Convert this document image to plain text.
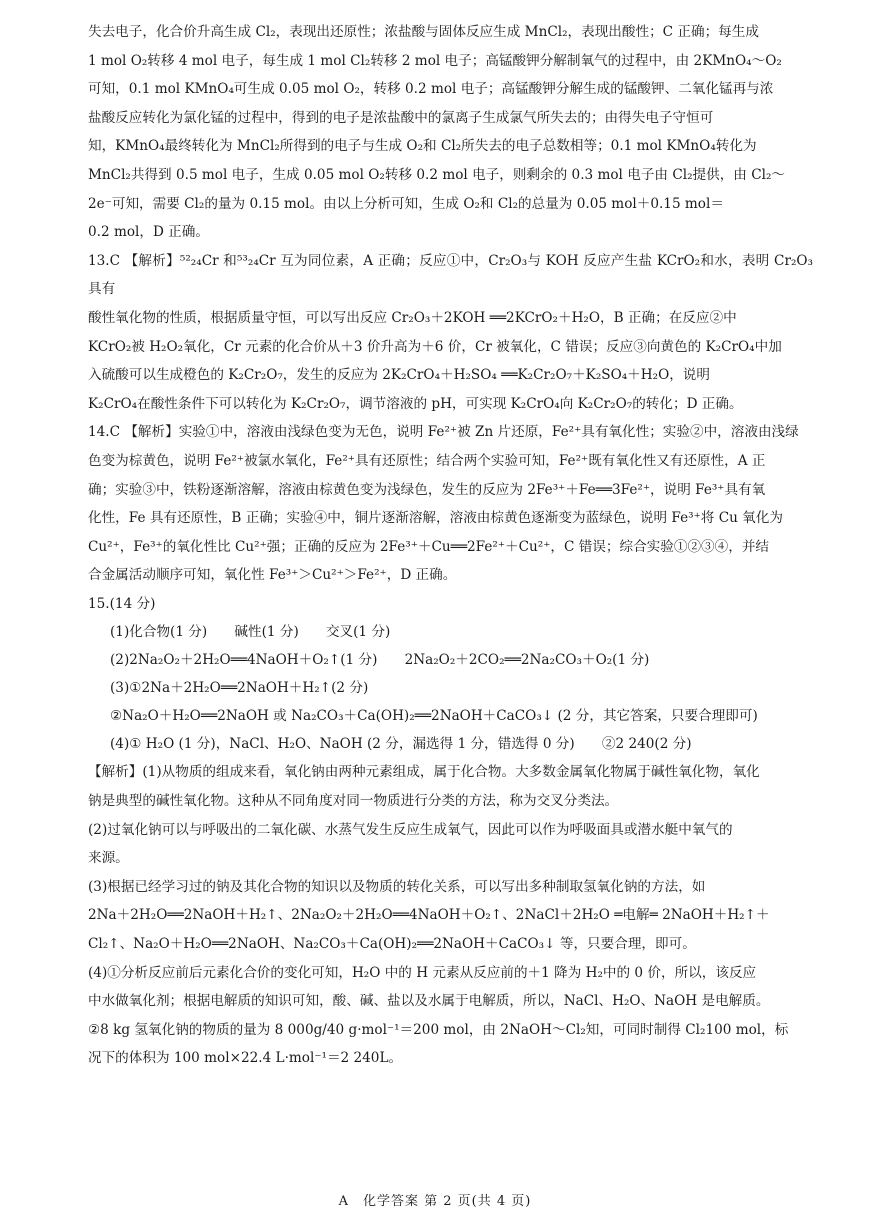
失去电子，化合价升高生成 Cl₂，表现出还原性；浓盐酸与固体反应生成 MnCl₂，表现出酸性；C 正确；每生成

1 mol O₂转移 4 mol 电子，每生成 1 mol Cl₂转移 2 mol 电子；高锰酸钾分解制氧气的过程中，由 2KMnO₄～O₂

可知，0.1 mol KMnO₄可生成 0.05 mol O₂，转移 0.2 mol 电子；高锰酸钾分解生成的锰酸钾、二氧化锰再与浓

盐酸反应转化为氯化锰的过程中，得到的电子是浓盐酸中的氯离子生成氯气所失去的；由得失电子守恒可

知，KMnO₄最终转化为 MnCl₂所得到的电子与生成 O₂和 Cl₂所失去的电子总数相等；0.1 mol KMnO₄转化为

MnCl₂共得到 0.5 mol 电子，生成 0.05 mol O₂转移 0.2 mol 电子，则剩余的 0.3 mol 电子由 Cl₂提供，由 Cl₂～

2e⁻可知，需要 Cl₂的量为 0.15 mol。由以上分析可知，生成 O₂和 Cl₂的总量为 0.05 mol＋0.15 mol＝

0.2 mol，D 正确。

13.C 【解析】⁵²₂₄Cr 和⁵³₂₄Cr 互为同位素，A 正确；反应①中，Cr₂O₃与 KOH 反应产生盐 KCrO₂和水，表明 Cr₂O₃具有

酸性氧化物的性质，根据质量守恒，可以写出反应 Cr₂O₃＋2KOH ══2KCrO₂＋H₂O，B 正确；在反应②中

KCrO₂被 H₂O₂氧化，Cr 元素的化合价从＋3 价升高为＋6 价，Cr 被氧化，C 错误；反应③向黄色的 K₂CrO₄中加

入硫酸可以生成橙色的 K₂Cr₂O₇，发生的反应为 2K₂CrO₄＋H₂SO₄ ══K₂Cr₂O₇＋K₂SO₄＋H₂O，说明

K₂CrO₄在酸性条件下可以转化为 K₂Cr₂O₇，调节溶液的 pH，可实现 K₂CrO₄向 K₂Cr₂O₇的转化；D 正确。

14.C 【解析】实验①中，溶液由浅绿色变为无色，说明 Fe²⁺被 Zn 片还原，Fe²⁺具有氧化性；实验②中，溶液由浅绿

色变为棕黄色，说明 Fe²⁺被氯水氧化，Fe²⁺具有还原性；结合两个实验可知，Fe²⁺既有氧化性又有还原性，A 正

确；实验③中，铁粉逐渐溶解，溶液由棕黄色变为浅绿色，发生的反应为 2Fe³⁺＋Fe══3Fe²⁺，说明 Fe³⁺具有氧

化性，Fe 具有还原性，B 正确；实验④中，铜片逐渐溶解，溶液由棕黄色逐渐变为蓝绿色，说明 Fe³⁺将 Cu 氧化为

Cu²⁺，Fe³⁺的氧化性比 Cu²⁺强；正确的反应为 2Fe³⁺＋Cu══2Fe²⁺＋Cu²⁺，C 错误；综合实验①②③④，并结

合金属活动顺序可知，氧化性 Fe³⁺＞Cu²⁺＞Fe²⁺，D 正确。

15.(14 分)

(1)化合物(1 分)　　碱性(1 分)　　交叉(1 分)

(2)2Na₂O₂＋2H₂O══4NaOH＋O₂↑(1 分)　　2Na₂O₂＋2CO₂══2Na₂CO₃＋O₂(1 分)

(3)①2Na＋2H₂O══2NaOH＋H₂↑(2 分)

②Na₂O＋H₂O══2NaOH 或 Na₂CO₃＋Ca(OH)₂══2NaOH＋CaCO₃↓ (2 分，其它答案，只要合理即可)

(4)① H₂O (1 分)，NaCl、H₂O、NaOH (2 分，漏选得 1 分，错选得 0 分)　　②2 240(2 分)

【解析】(1)从物质的组成来看，氧化钠由两种元素组成，属于化合物。大多数金属氧化物属于碱性氧化物，氧化

钠是典型的碱性氧化物。这种从不同角度对同一物质进行分类的方法，称为交叉分类法。

(2)过氧化钠可以与呼吸出的二氧化碳、水蒸气发生反应生成氧气，因此可以作为呼吸面具或潜水艇中氧气的

来源。

(3)根据已经学习过的钠及其化合物的知识以及物质的转化关系，可以写出多种制取氢氧化钠的方法，如

2Na＋2H₂O══2NaOH＋H₂↑、2Na₂O₂＋2H₂O══4NaOH＋O₂↑、2NaCl＋2H₂O ═电解═ 2NaOH＋H₂↑＋

Cl₂↑、Na₂O＋H₂O══2NaOH、Na₂CO₃＋Ca(OH)₂══2NaOH＋CaCO₃↓ 等，只要合理，即可。

(4)①分析反应前后元素化合价的变化可知，H₂O 中的 H 元素从反应前的＋1 降为 H₂中的 0 价，所以，该反应

中水做氧化剂；根据电解质的知识可知，酸、碱、盐以及水属于电解质，所以，NaCl、H₂O、NaOH 是电解质。

②8 kg 氢氧化钠的物质的量为 8 000g/40 g·mol⁻¹＝200 mol，由 2NaOH～Cl₂知，可同时制得 Cl₂100 mol，标

况下的体积为 100 mol×22.4 L·mol⁻¹＝2 240L。

A　化学答案 第 2 页(共 4 页)
